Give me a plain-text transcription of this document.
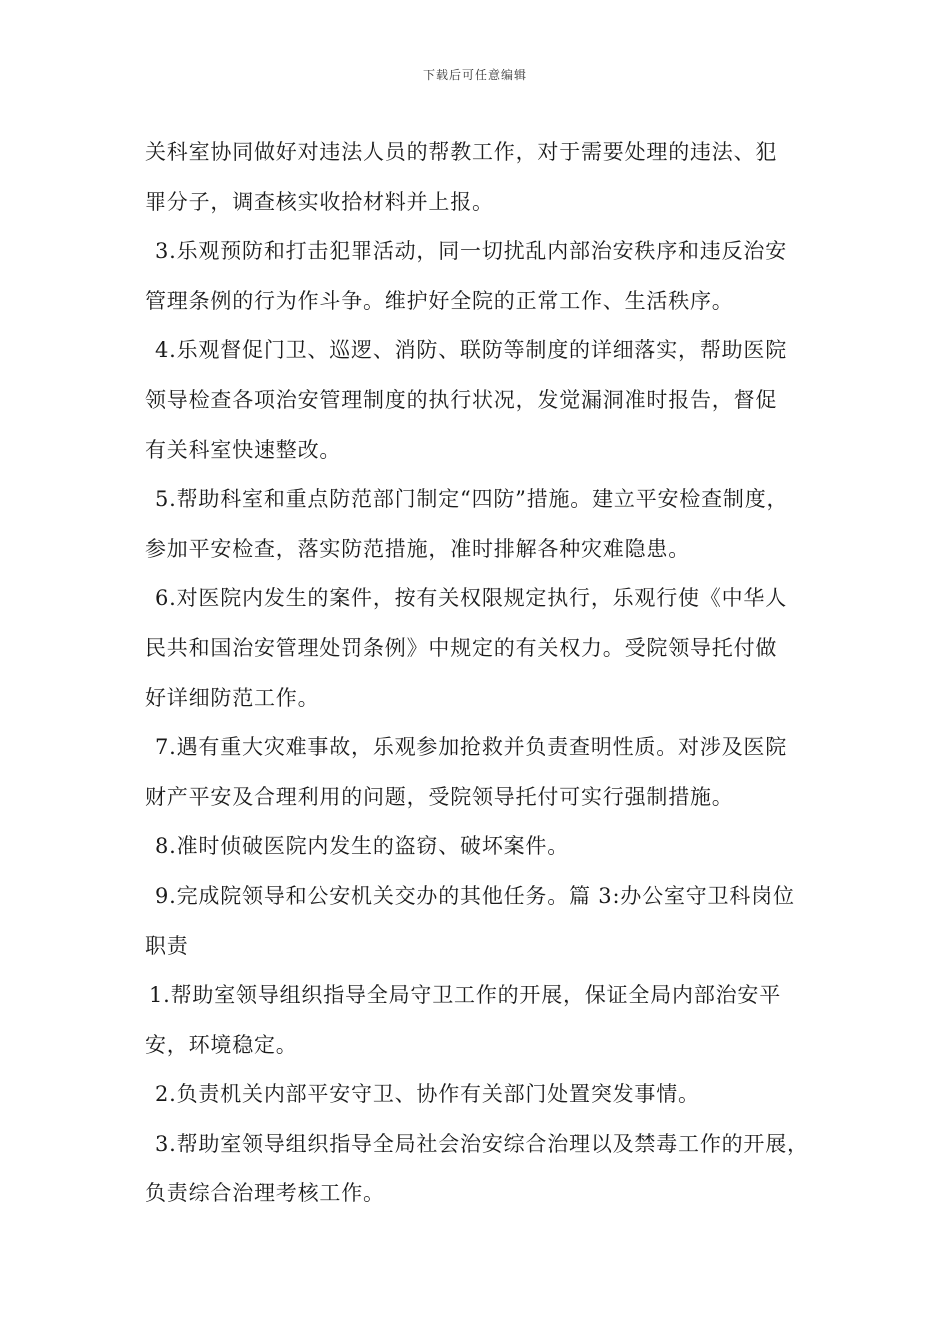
下载后可任意编辑
关科室协同做好对违法人员的帮教工作，对于需要处理的违法、犯
罪分子，调查核实收拾材料并上报。
3.乐观预防和打击犯罪活动，同一切扰乱内部治安秩序和违反治安
管理条例的行为作斗争。维护好全院的正常工作、生活秩序。
4.乐观督促门卫、巡逻、消防、联防等制度的详细落实，帮助医院
领导检查各项治安管理制度的执行状况，发觉漏洞准时报告，督促
有关科室快速整改。
5.帮助科室和重点防范部门制定“四防”措施。建立平安检查制度，
参加平安检查，落实防范措施，准时排解各种灾难隐患。
6.对医院内发生的案件，按有关权限规定执行，乐观行使《中华人
民共和国治安管理处罚条例》中规定的有关权力。受院领导托付做
好详细防范工作。
7.遇有重大灾难事故，乐观参加抢救并负责查明性质。对涉及医院
财产平安及合理利用的问题，受院领导托付可实行强制措施。
8.准时侦破医院内发生的盗窃、破坏案件。
9.完成院领导和公安机关交办的其他任务。篇 3:办公室守卫科岗位
职责
1.帮助室领导组织指导全局守卫工作的开展，保证全局内部治安平
安，环境稳定。
2.负责机关内部平安守卫、协作有关部门处置突发事情。
3.帮助室领导组织指导全局社会治安综合治理以及禁毒工作的开展，
负责综合治理考核工作。
